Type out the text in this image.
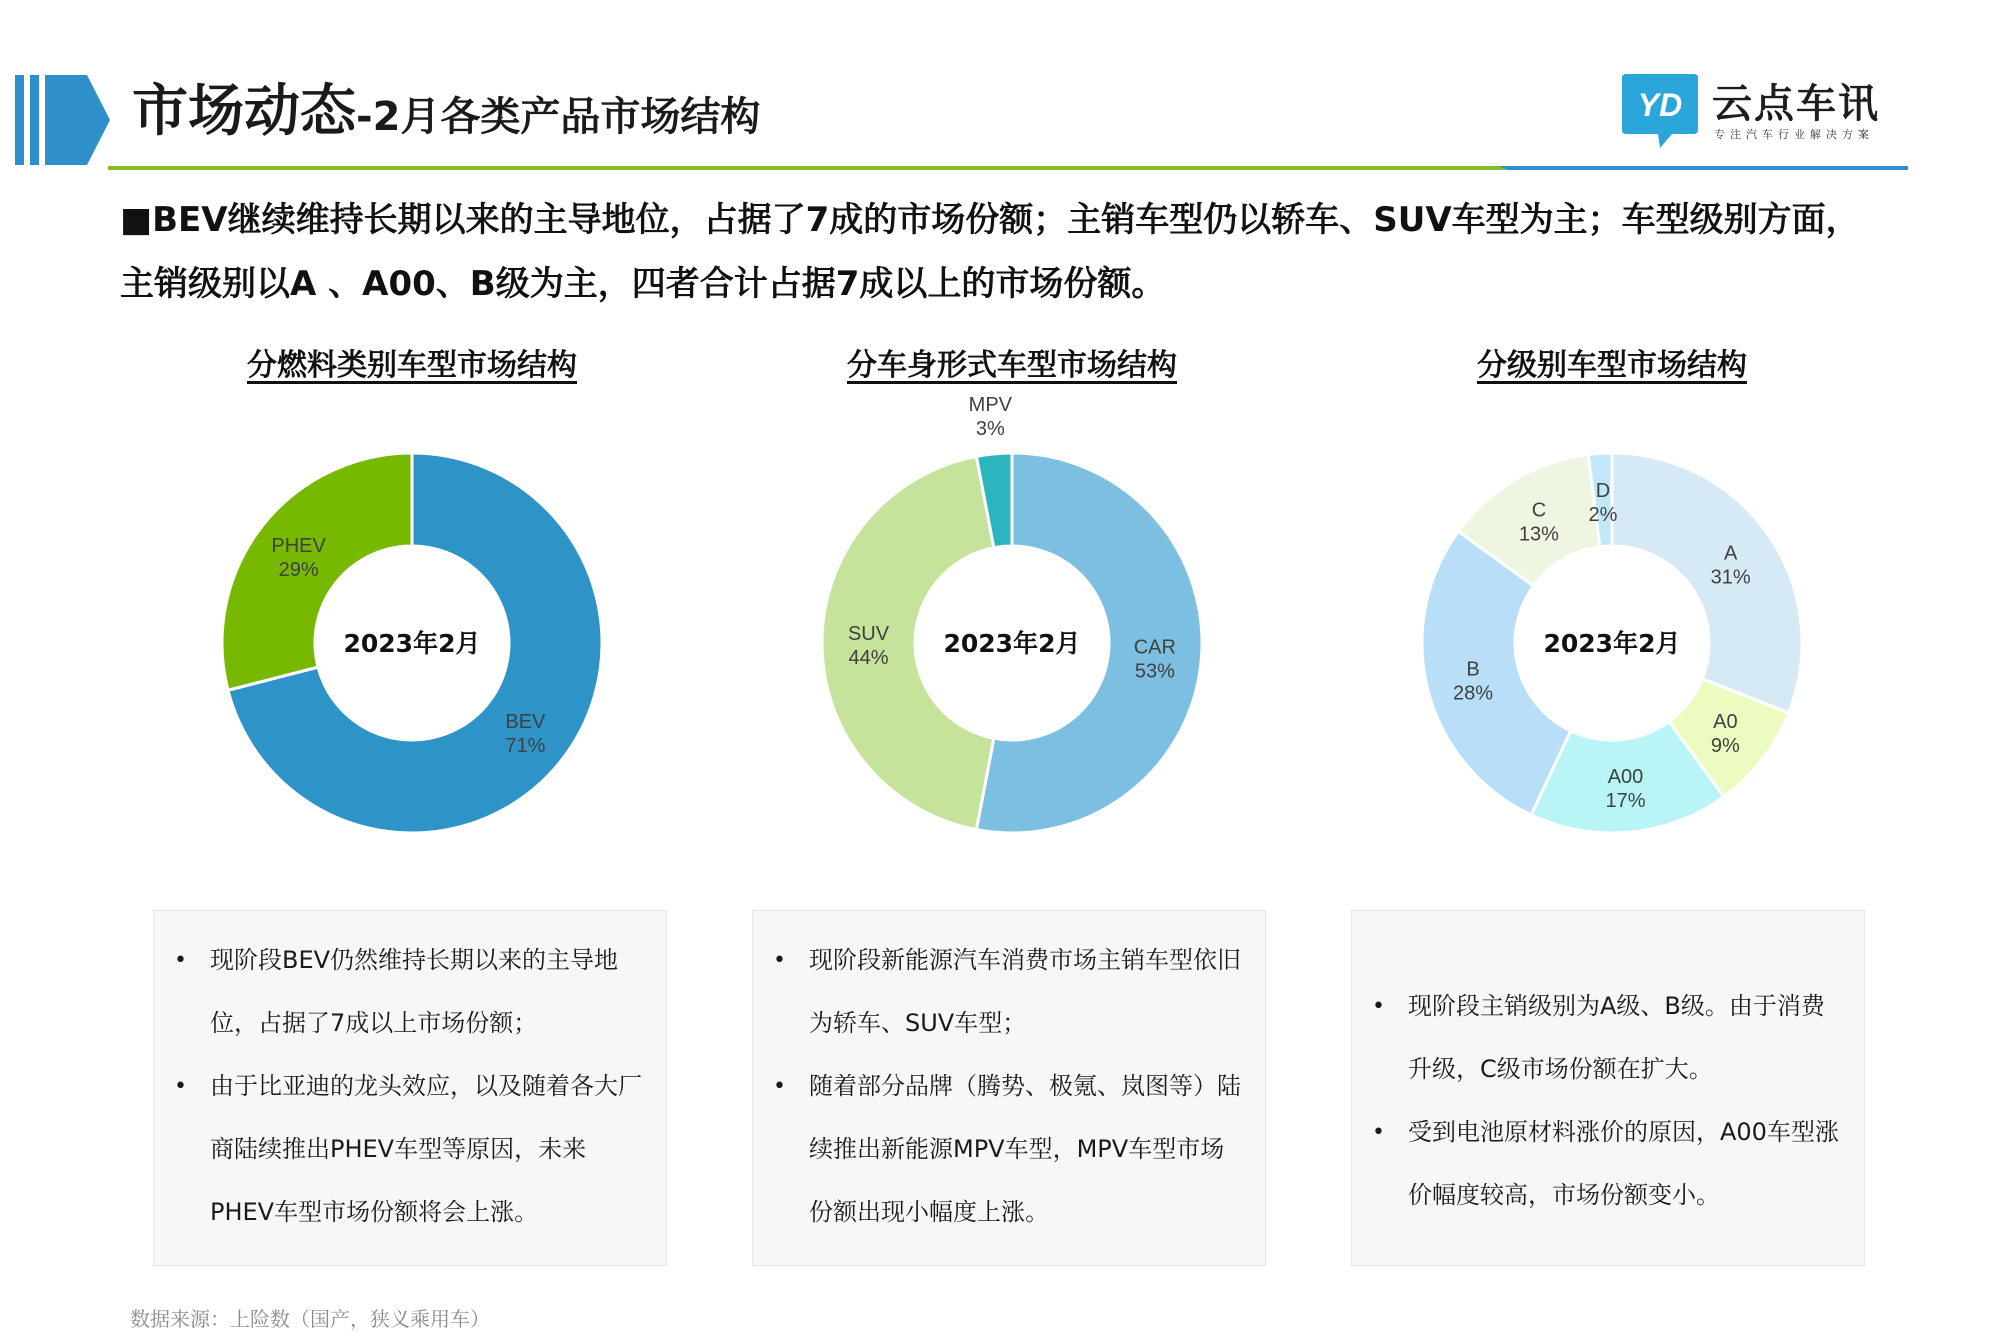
市场动态-2月各类产品市场结构	YD 云点车讯
专注汽车行业解决方案
■BEV继续维持长期以来的主导地位，占据了7成的市场份额；主销车型仍以轿车、SUV车型为主；车型级别方面，主销级别以A 、A00、B级为主，四者合计占据7成以上的市场份额。
分燃料类别车型市场结构	分车身形式车型市场结构	分级别车型市场结构
BEV 71%
PHEV 29%
2023年2月	CAR 53%
SUV 44%
MPV 3%
2023年2月
A 31%
A0 9%
A00 17%
B 28%
C 13%
D 2%
2023年2月
• 现阶段BEV仍然维持长期以来的主导地位，占据了7成以上市场份额；
• 由于比亚迪的龙头效应，以及随着各大厂商陆续推出PHEV车型等原因，未来PHEV车型市场份额将会上涨。
• 现阶段新能源汽车消费市场主销车型依旧为轿车、SUV车型；
• 随着部分品牌（腾势、极氪、岚图等）陆续推出新能源MPV车型，MPV车型市场份额出现小幅度上涨。
• 现阶段主销级别为A级、B级。由于消费升级，C级市场份额在扩大。
• 受到电池原材料涨价的原因，A00车型涨价幅度较高，市场份额变小。
数据来源：上险数（国产，狭义乘用车）
